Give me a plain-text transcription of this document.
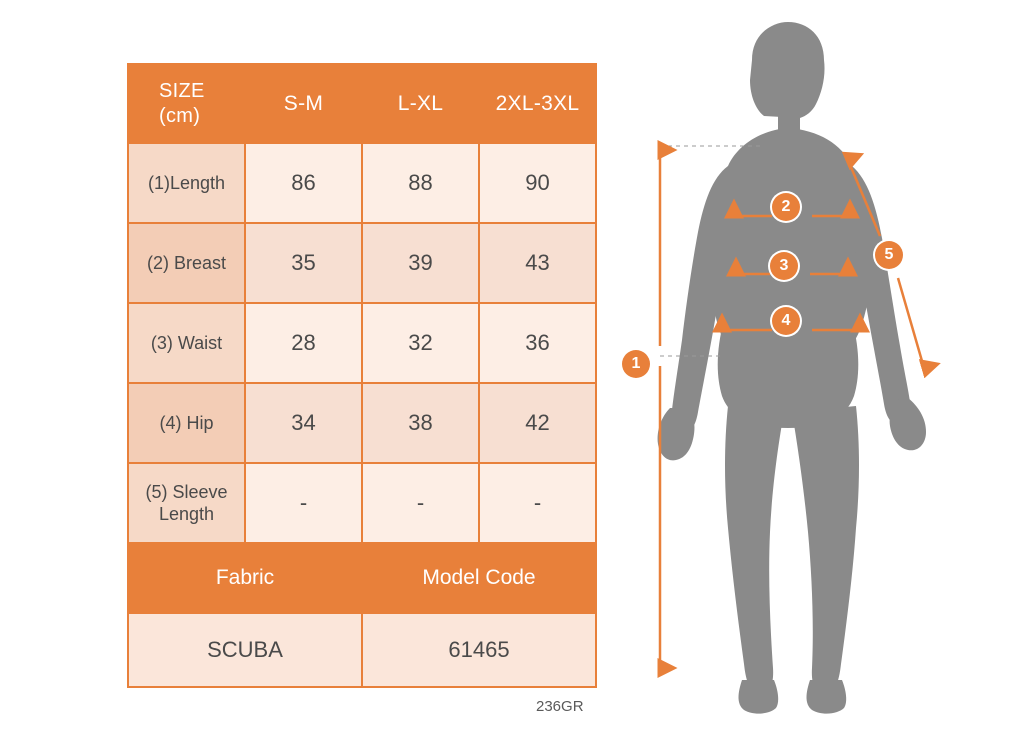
SIZE
(cm)	S-M	L-XL	2XL-3XL
(1)Length	86	88	90
(2) Breast	35	39	43
(3) Waist	28	32	36
(4) Hip	34	38	42
(5) Sleeve Length	-	-	-
Fabric		Model Code	
SCUBA		61465	
236GR
1
2
3
4
5
